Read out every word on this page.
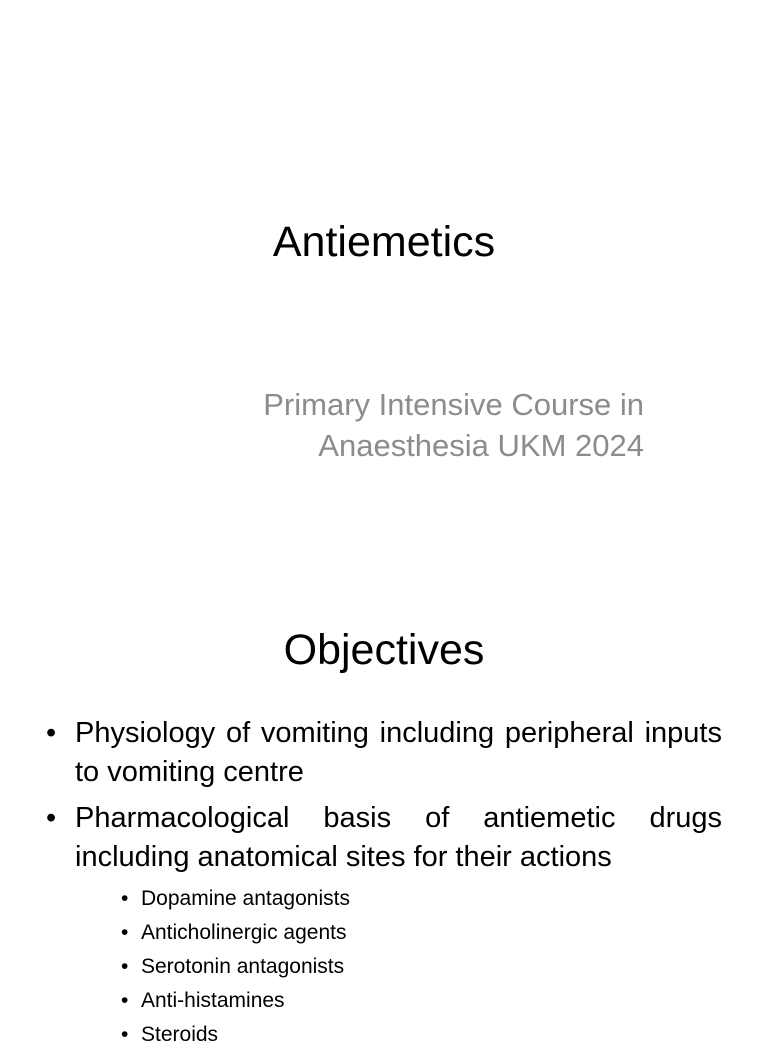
Antiemetics
Primary Intensive Course in
Anaesthesia UKM 2024
Objectives
• Physiology of vomiting including peripheral inputs to vomiting centre
• Pharmacological basis of antiemetic drugs including anatomical sites for their actions
• Dopamine antagonists
• Anticholinergic agents
• Serotonin antagonists
• Anti-histamines
• Steroids
